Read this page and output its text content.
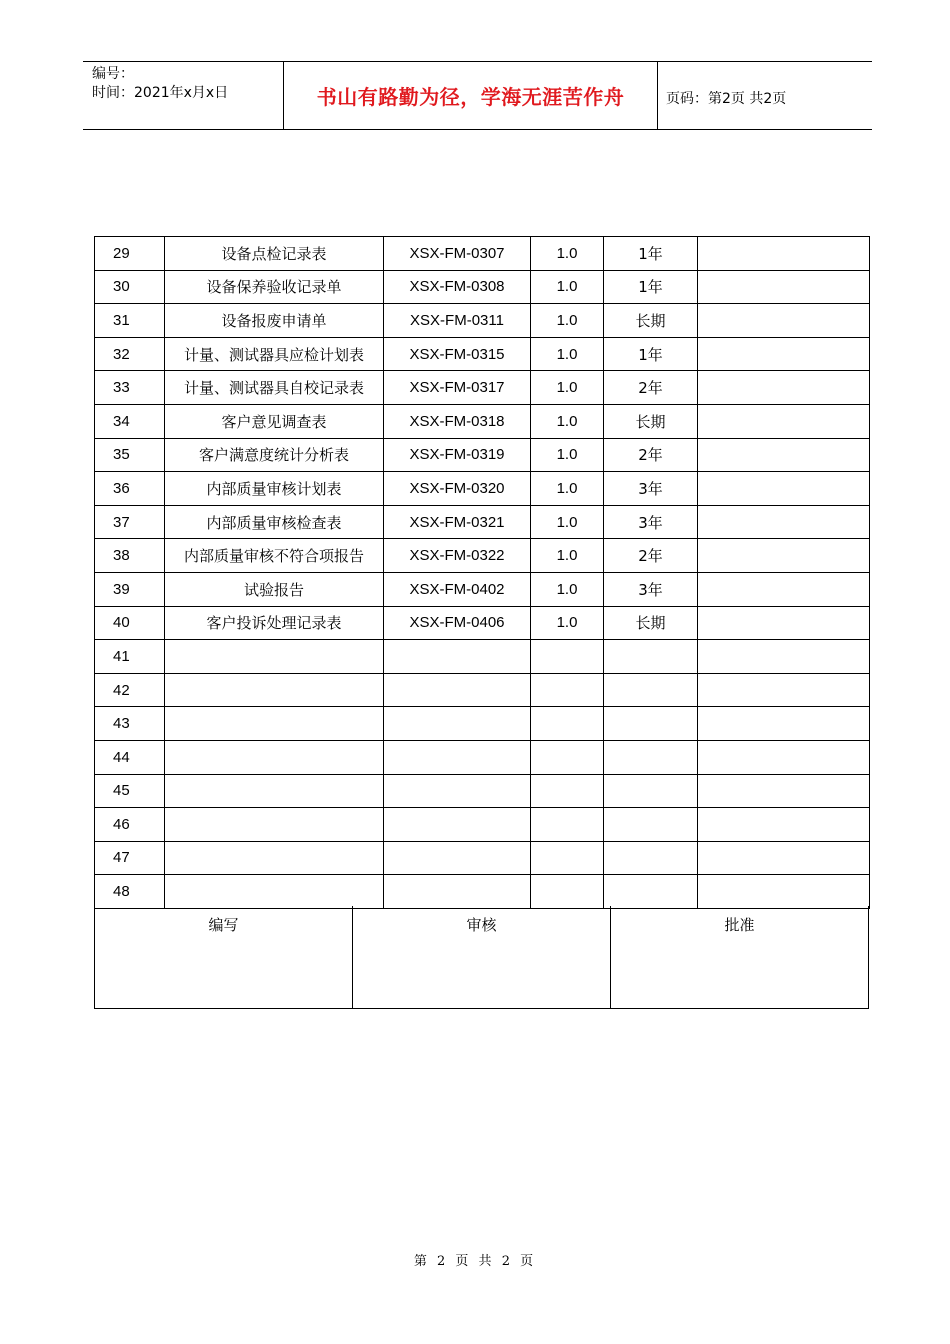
编号：
时间：2021年x月x日	书山有路勤为径，学海无涯苦作舟	页码：第2页 共2页
29	设备点检记录表	XSX-FM-0307	1.0	1年	
30	设备保养验收记录单	XSX-FM-0308	1.0	1年	
31	设备报废申请单	XSX-FM-0311	1.0	长期	
32	计量、测试器具应检计划表	XSX-FM-0315	1.0	1年	
33	计量、测试器具自校记录表	XSX-FM-0317	1.0	2年	
34	客户意见调查表	XSX-FM-0318	1.0	长期	
35	客户满意度统计分析表	XSX-FM-0319	1.0	2年	
36	内部质量审核计划表	XSX-FM-0320	1.0	3年	
37	内部质量审核检查表	XSX-FM-0321	1.0	3年	
38	内部质量审核不符合项报告	XSX-FM-0322	1.0	2年	
39	试验报告	XSX-FM-0402	1.0	3年	
40	客户投诉处理记录表	XSX-FM-0406	1.0	长期	
41					
42					
43					
44					
45					
46					
47					
48					
编写	审核	批准
第 2 页 共 2 页
